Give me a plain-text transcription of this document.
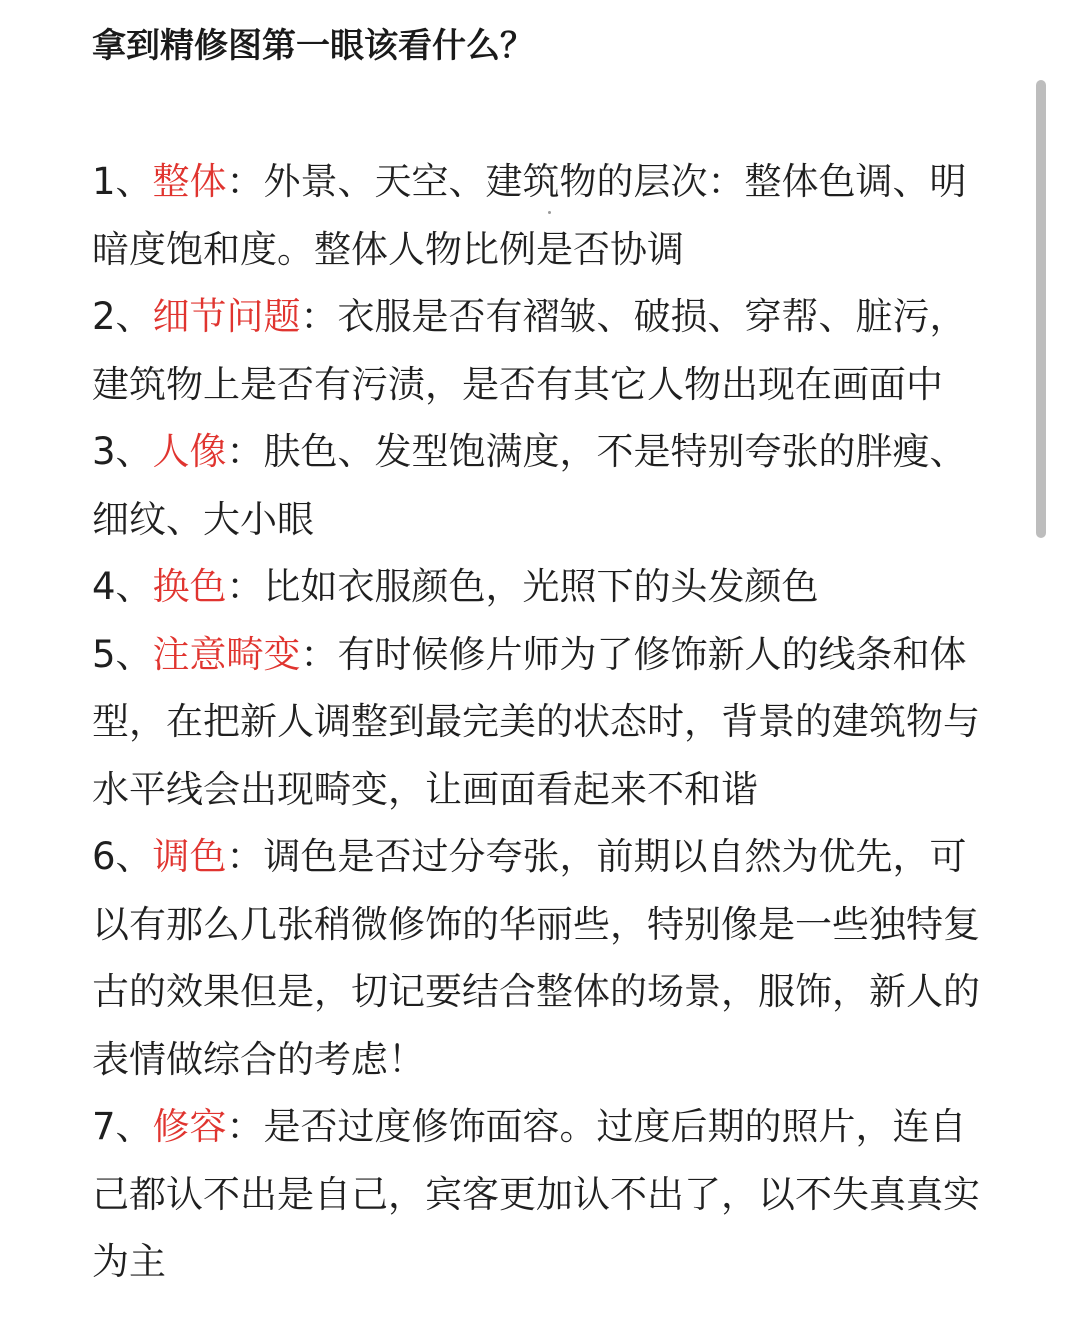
拿到精修图第一眼该看什么？
1、整体：外景、天空、建筑物的层次：整体色调、明暗度饱和度。整体人物比例是否协调
2、细节问题：衣服是否有褶皱、破损、穿帮、脏污，建筑物上是否有污渍，是否有其它人物出现在画面中
3、人像：肤色、发型饱满度，不是特别夸张的胖瘦、细纹、大小眼
4、换色：比如衣服颜色，光照下的头发颜色
5、注意畸变：有时候修片师为了修饰新人的线条和体型，在把新人调整到最完美的状态时，背景的建筑物与水平线会出现畸变，让画面看起来不和谐
6、调色：调色是否过分夸张，前期以自然为优先，可以有那么几张稍微修饰的华丽些，特别像是一些独特复古的效果但是，切记要结合整体的场景，服饰，新人的表情做综合的考虑！
7、修容：是否过度修饰面容。过度后期的照片，连自己都认不出是自己，宾客更加认不出了，以不失真真实为主
